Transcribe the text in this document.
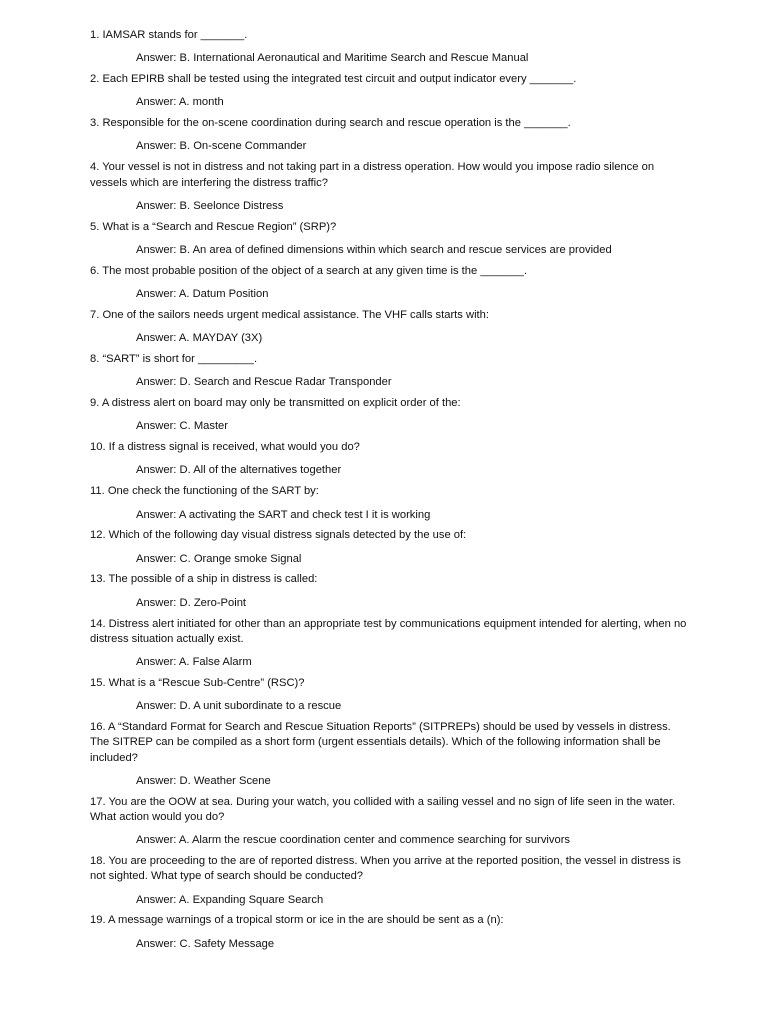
1. IAMSAR stands for _______.

Answer: B. International Aeronautical and Maritime Search and Rescue Manual

2. Each EPIRB shall be tested using the integrated test circuit and output indicator every _______.

Answer: A. month

3. Responsible for the on-scene coordination during search and rescue operation is the _______.

Answer: B. On-scene Commander

4. Your vessel is not in distress and not taking part in a distress operation. How would you impose radio silence on vessels which are interfering the distress traffic?

Answer: B. Seelonce Distress

5. What is a “Search and Rescue Region” (SRP)?

Answer: B. An area of defined dimensions within which search and rescue services are provided

6. The most probable position of the object of a search at any given time is the _______.

Answer: A. Datum Position

7. One of the sailors needs urgent medical assistance. The VHF calls starts with:

Answer: A. MAYDAY (3X)

8. “SART” is short for _________.

Answer: D. Search and Rescue Radar Transponder

9. A distress alert on board may only be transmitted on explicit order of the:

Answer: C. Master

10. If a distress signal is received, what would you do?

Answer: D. All of the alternatives together

11. One check the functioning of the SART by:

Answer: A activating the SART and check test I it is working

12. Which of the following day visual distress signals detected by the use of:

Answer: C. Orange smoke Signal

13. The possible of a ship in distress is called:

Answer: D. Zero-Point

14. Distress alert initiated for other than an appropriate test by communications equipment intended for alerting, when no distress situation actually exist.

Answer: A. False Alarm

15. What is a “Rescue Sub-Centre” (RSC)?

Answer: D. A unit subordinate to a rescue

16. A “Standard Format for Search and Rescue Situation Reports” (SITPREPs) should be used by vessels in distress. The SITREP can be compiled as a short form (urgent essentials details). Which of the following information shall be included?

Answer: D. Weather Scene

17. You are the OOW at sea. During your watch, you collided with a sailing vessel and no sign of life seen in the water. What action would you do?

Answer: A. Alarm the rescue coordination center and commence searching for survivors

18. You are proceeding to the are of reported distress. When you arrive at the reported position, the vessel in distress is not sighted. What type of search should be conducted?

Answer: A. Expanding Square Search

19. A message warnings of a tropical storm or ice in the are should be sent as a (n):

Answer: C. Safety Message
